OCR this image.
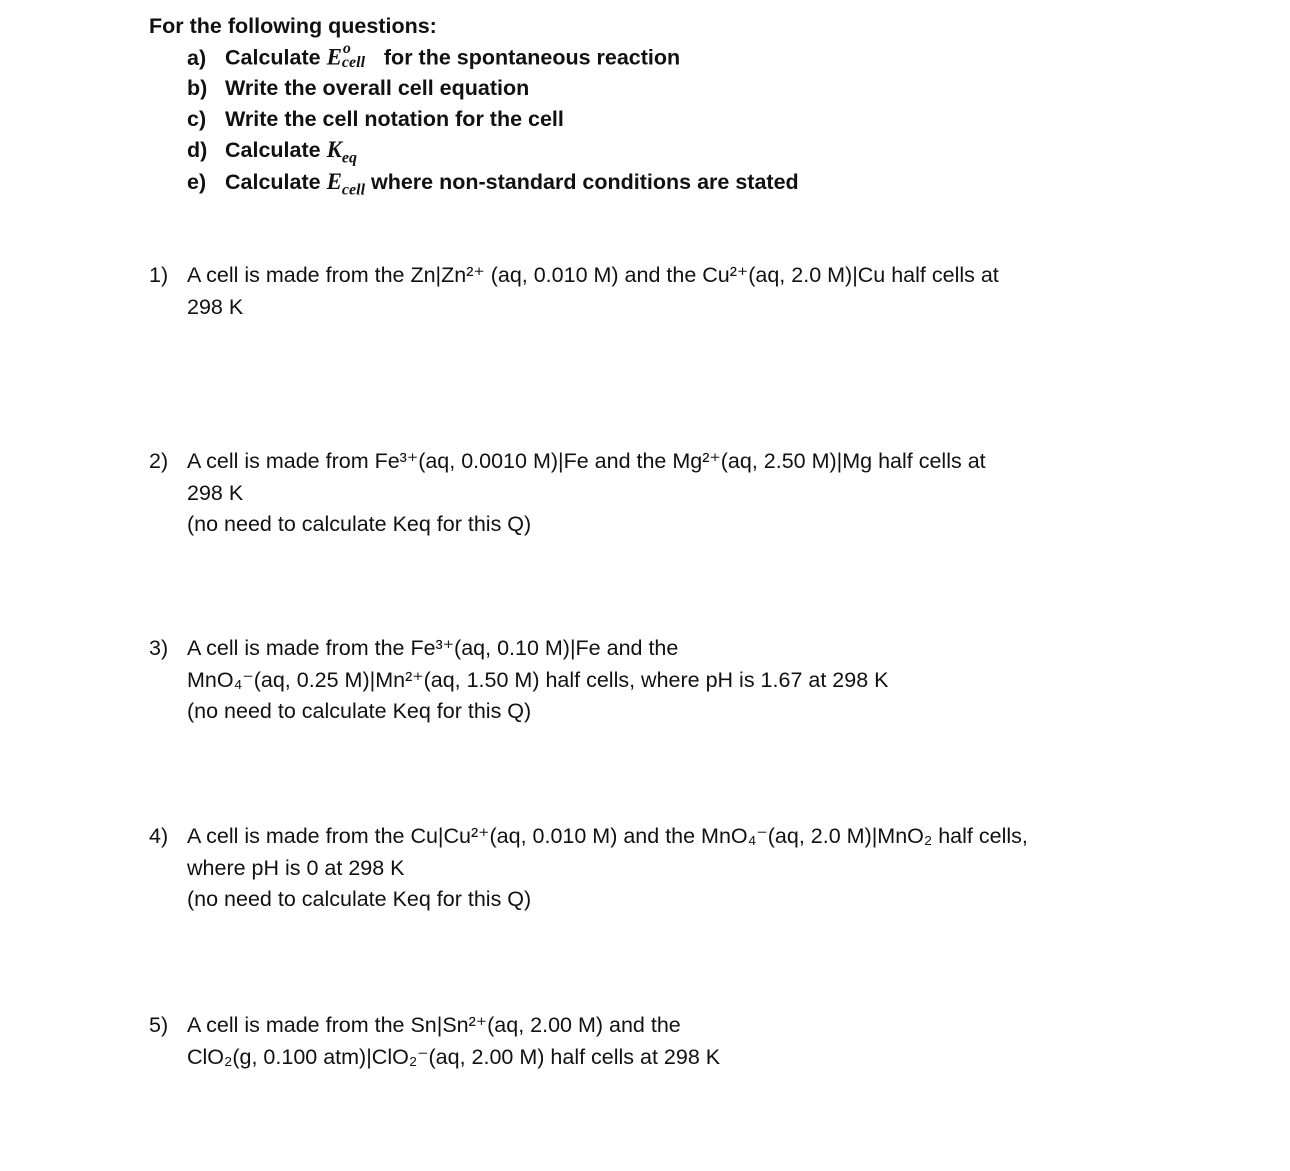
For the following questions:
a) Calculate E o
cell for the spontaneous reaction
b) Write the overall cell equation
c) Write the cell notation for the cell
d) Calculate $K_{eq}$
e) Calculate $E_{cell}$ where non-standard conditions are stated
1) A cell is made from the Zn|Zn²⁺ (aq, 0.010 M) and the Cu²⁺(aq, 2.0 M)|Cu half cells at
298 K
2) A cell is made from Fe³⁺(aq, 0.0010 M)|Fe and the Mg²⁺(aq, 2.50 M)|Mg half cells at
298 K
(no need to calculate Keq for this Q)
3) A cell is made from the Fe³⁺(aq, 0.10 M)|Fe and the
MnO₄⁻(aq, 0.25 M)|Mn²⁺(aq, 1.50 M) half cells, where pH is 1.67 at 298 K
(no need to calculate Keq for this Q)
4) A cell is made from the Cu|Cu²⁺(aq, 0.010 M) and the MnO₄⁻(aq, 2.0 M)|MnO₂ half cells,
where pH is 0 at 298 K
(no need to calculate Keq for this Q)
5) A cell is made from the Sn|Sn²⁺(aq, 2.00 M) and the
ClO₂(g, 0.100 atm)|ClO₂⁻(aq, 2.00 M) half cells at 298 K
